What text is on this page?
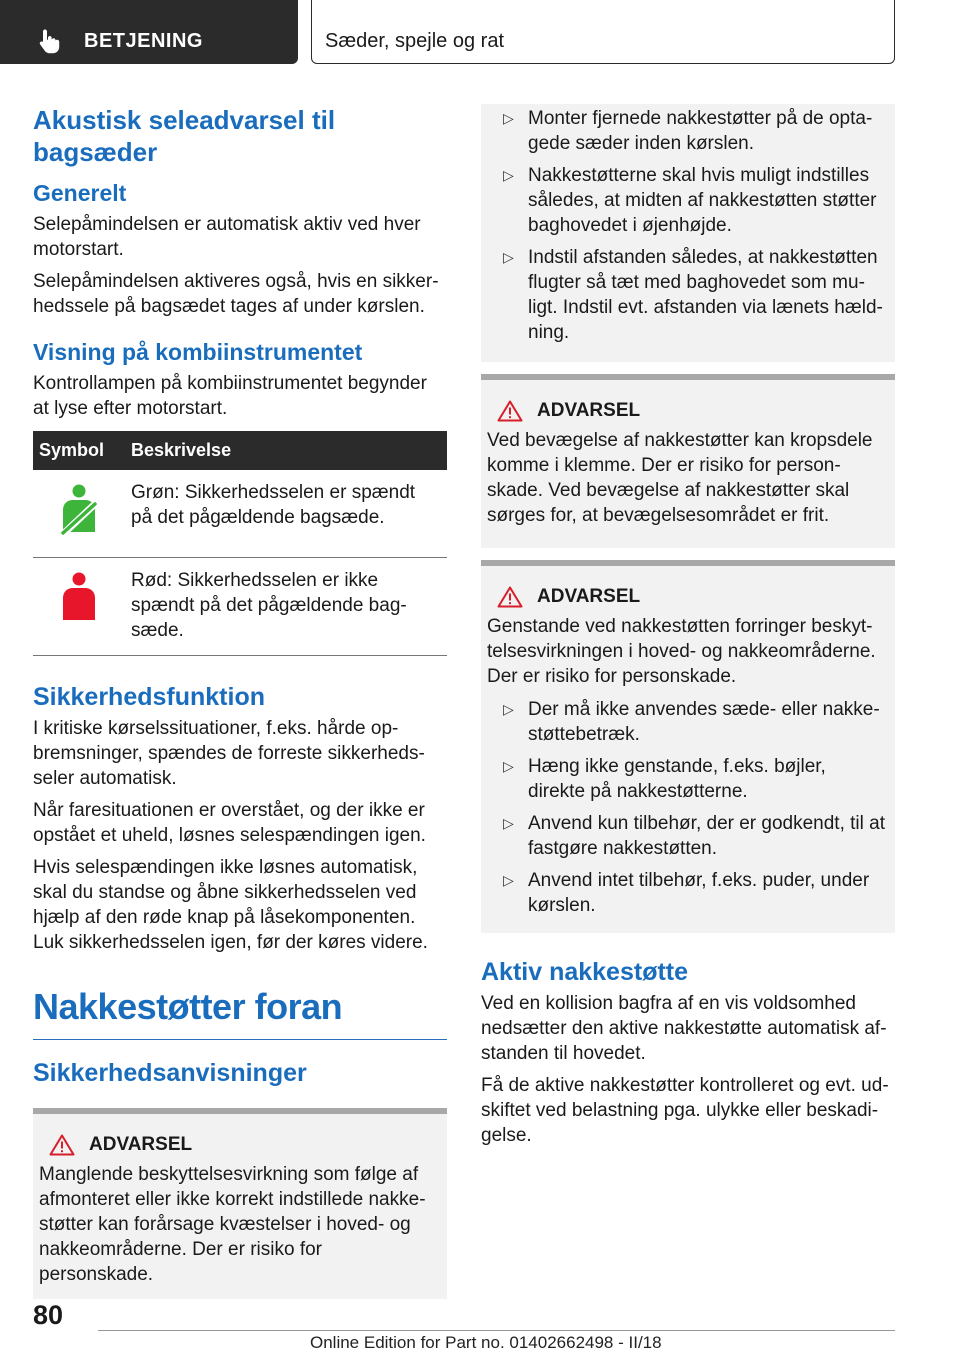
BETJENING	Sæder, spejle og rat
Akustisk seleadvarsel til bagsæder
Generelt

Selepåmindelsen er automatisk aktiv ved hver motorstart.

Selepåmindelsen aktiveres også, hvis en sikkerhedssele på bagsædet tages af under kørslen.

Visning på kombiinstrumentet

Kontrollampen på kombiinstrumentet begynder at lyse efter motorstart.

Symbol	Beskrivelse
	Grøn: Sikkerhedsselen er spændt på det pågældende bagsæde.
	Rød: Sikkerhedsselen er ikke spændt på det pågældende bagsæde.
Sikkerhedsfunktion

I kritiske kørselssituationer, f.eks. hårde opbremsninger, spændes de forreste sikkerhedsseler automatisk.

Når faresituationen er overstået, og der ikke er opstået et uheld, løsnes selespændingen igen.

Hvis selespændingen ikke løsnes automatisk, skal du standse og åbne sikkerhedsselen ved hjælp af den røde knap på låsekomponenten. Luk sikkerhedsselen igen, før der køres videre.

Nakkestøtter foran
Sikkerhedsanvisninger
ADVARSEL

Manglende beskyttelsesvirkning som følge af afmonteret eller ikke korrekt indstillede nakkestøtter kan forårsage kvæstelser i hoved- og nakkeområderne. Der er risiko for personskade.

▷ Monter fjernede nakkestøtter på de optagede sæder inden kørslen.
▷ Nakkestøtterne skal hvis muligt indstilles således, at midten af nakkestøtten støtter baghovedet i øjenhøjde.
▷ Indstil afstanden således, at nakkestøtten flugter så tæt med baghovedet som muligt. Indstil evt. afstanden via lænets hældning.
ADVARSEL

Ved bevægelse af nakkestøtter kan kropsdele komme i klemme. Der er risiko for personskade. Ved bevægelse af nakkestøtter skal sørges for, at bevægelsesområdet er frit.

ADVARSEL

Genstande ved nakkestøtten forringer beskyttelsesvirkningen i hoved- og nakkeområderne. Der er risiko for personskade.

▷ Der må ikke anvendes sæde- eller nakkestøttebetræk.
▷ Hæng ikke genstande, f.eks. bøjler, direkte på nakkestøtterne.
▷ Anvend kun tilbehør, der er godkendt, til at fastgøre nakkestøtten.
▷ Anvend intet tilbehør, f.eks. puder, under kørslen.
Aktiv nakkestøtte

Ved en kollision bagfra af en vis voldsomhed nedsætter den aktive nakkestøtte automatisk afstanden til hovedet.

Få de aktive nakkestøtter kontrolleret og evt. udskiftet ved belastning pga. ulykke eller beskadigelse.

80
Online Edition for Part no. 01402662498 - II/18
